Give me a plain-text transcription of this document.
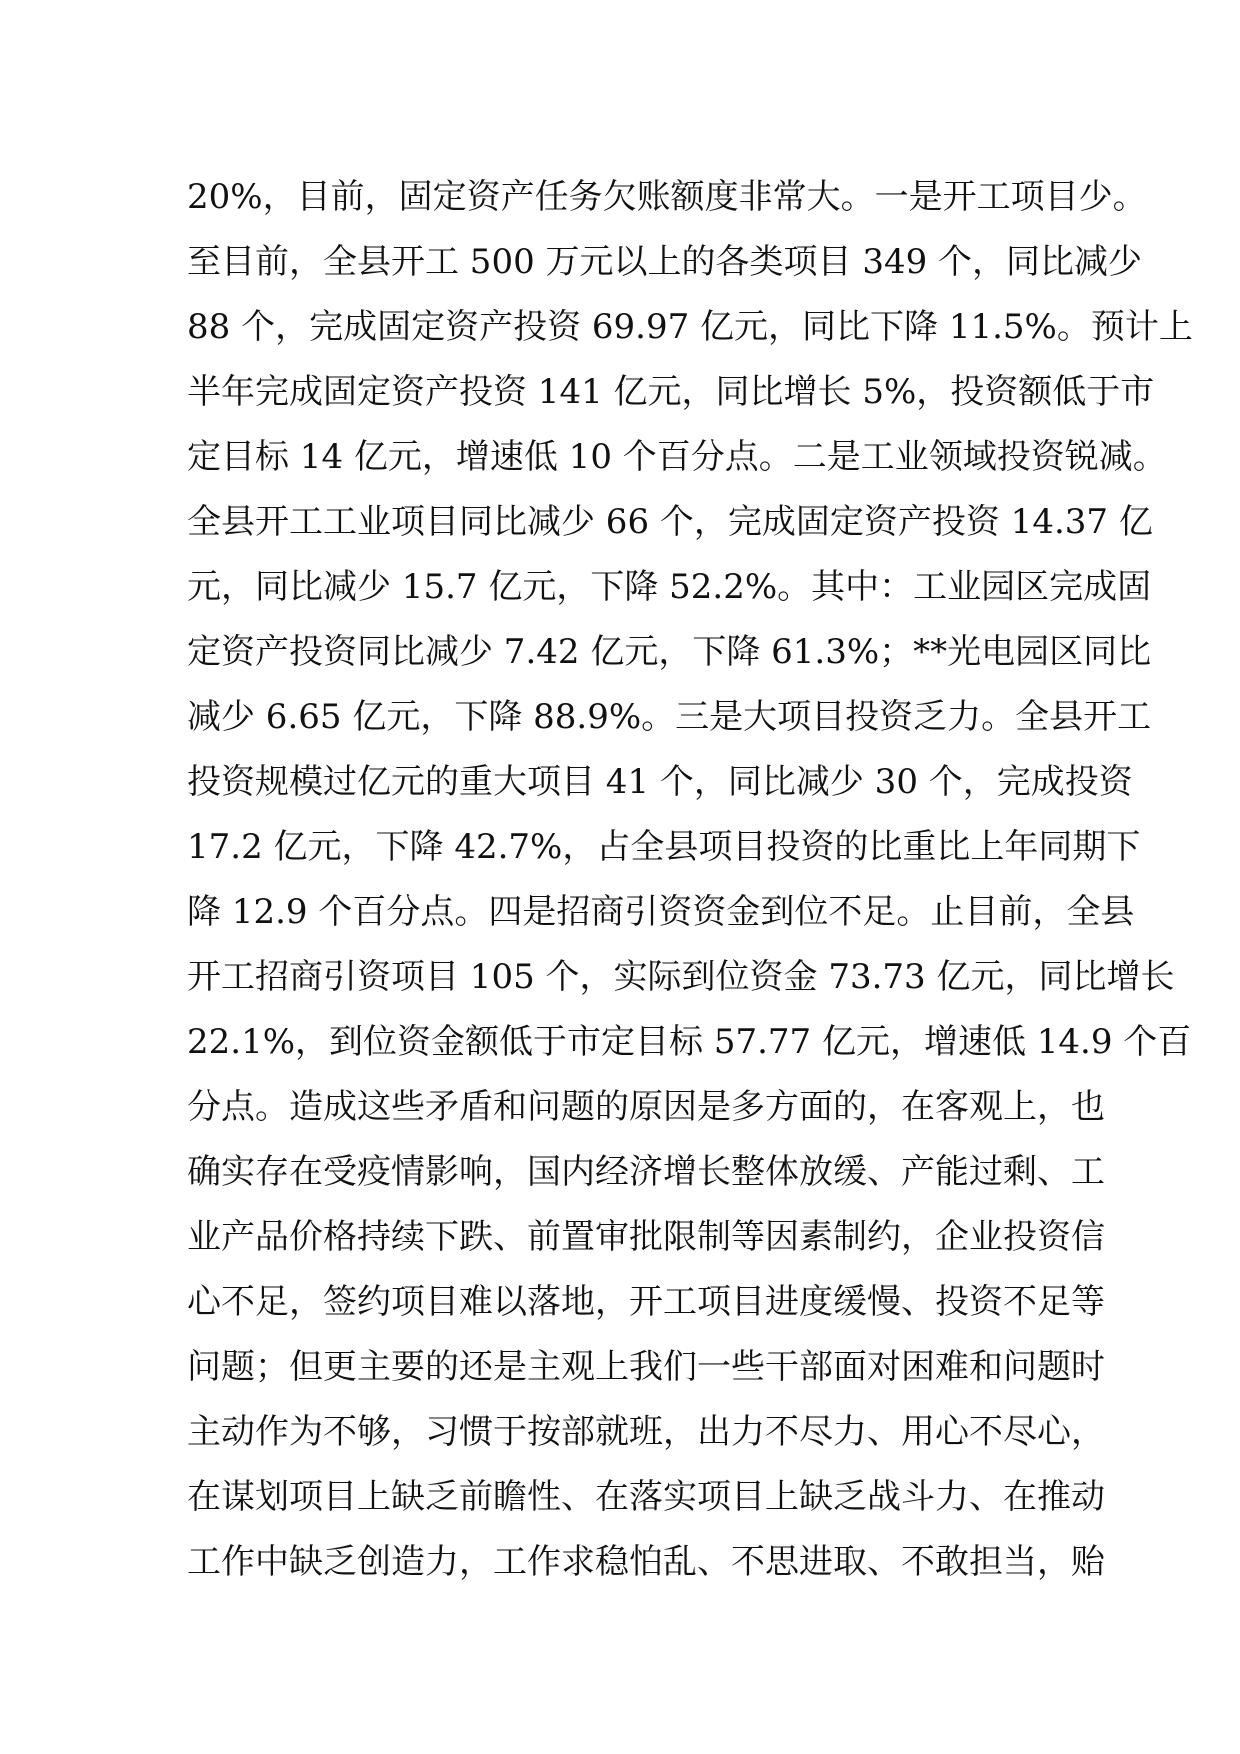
20%，目前，固定资产任务欠账额度非常大。一是开工项目少。
至目前，全县开工 500 万元以上的各类项目 349 个，同比减少
88 个，完成固定资产投资 69.97 亿元，同比下降 11.5%。预计上
半年完成固定资产投资 141 亿元，同比增长 5%，投资额低于市
定目标 14 亿元，增速低 10 个百分点。二是工业领域投资锐减。
全县开工工业项目同比减少 66 个，完成固定资产投资 14.37 亿
元，同比减少 15.7 亿元，下降 52.2%。其中：工业园区完成固
定资产投资同比减少 7.42 亿元，下降 61.3%；**光电园区同比
减少 6.65 亿元，下降 88.9%。三是大项目投资乏力。全县开工
投资规模过亿元的重大项目 41 个，同比减少 30 个，完成投资
17.2 亿元，下降 42.7%，占全县项目投资的比重比上年同期下
降 12.9 个百分点。四是招商引资资金到位不足。止目前，全县
开工招商引资项目 105 个，实际到位资金 73.73 亿元，同比增长
22.1%，到位资金额低于市定目标 57.77 亿元，增速低 14.9 个百
分点。造成这些矛盾和问题的原因是多方面的，在客观上，也
确实存在受疫情影响，国内经济增长整体放缓、产能过剩、工
业产品价格持续下跌、前置审批限制等因素制约，企业投资信
心不足，签约项目难以落地，开工项目进度缓慢、投资不足等
问题；但更主要的还是主观上我们一些干部面对困难和问题时
主动作为不够，习惯于按部就班，出力不尽力、用心不尽心，
在谋划项目上缺乏前瞻性、在落实项目上缺乏战斗力、在推动
工作中缺乏创造力，工作求稳怕乱、不思进取、不敢担当，贻
